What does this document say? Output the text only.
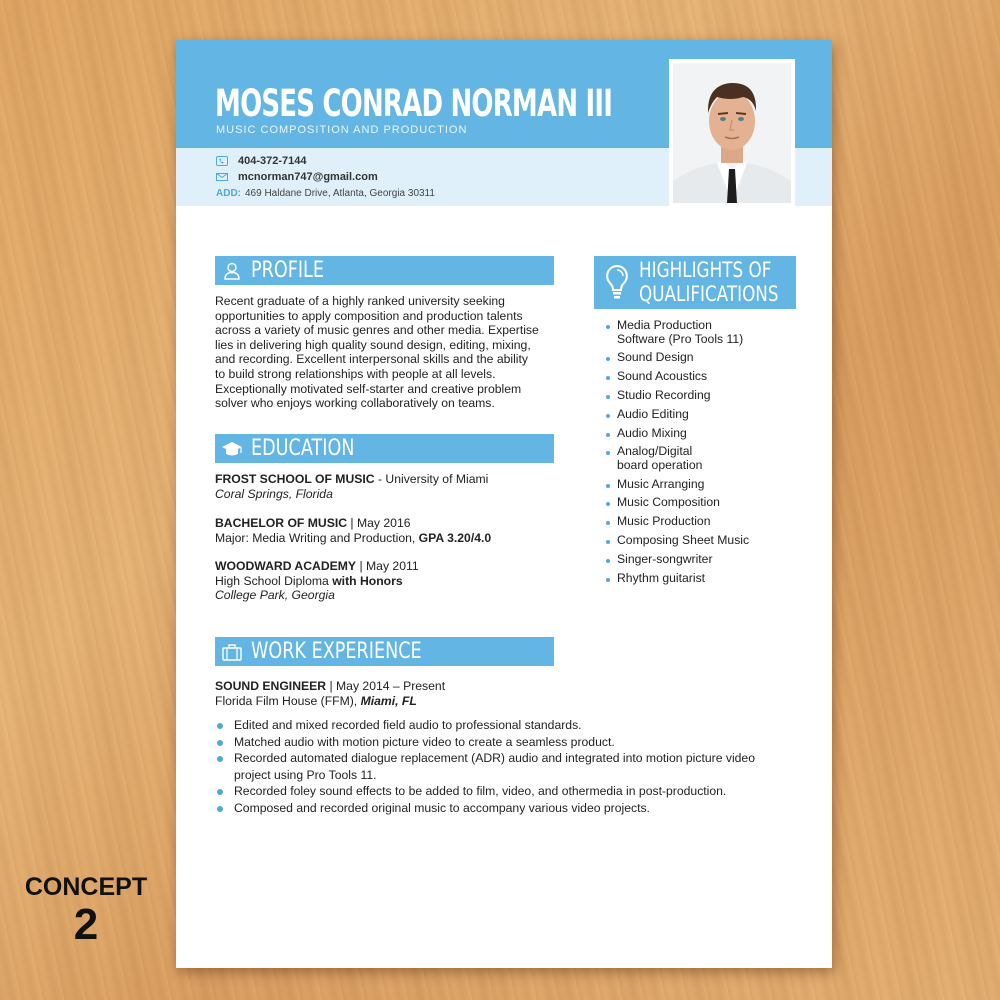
MOSES CONRAD NORMAN III
MUSIC COMPOSITION AND PRODUCTION
404-372-7144
mcnorman747@gmail.com
ADD: 469 Haldane Drive, Atlanta, Georgia 30311
PROFILE
Recent graduate of a highly ranked university seeking
opportunities to apply composition and production talents
across a variety of music genres and other media. Expertise
lies in delivering high quality sound design, editing, mixing,
and recording. Excellent interpersonal skills and the ability
to build strong relationships with people at all levels.
Exceptionally motivated self-starter and creative problem
solver who enjoys working collaboratively on teams.
EDUCATION
FROST SCHOOL OF MUSIC - University of Miami
Coral Springs, Florida
BACHELOR OF MUSIC | May 2016
Major: Media Writing and Production, GPA 3.20/4.0
WOODWARD ACADEMY | May 2011
High School Diploma with Honors
College Park, Georgia
WORK EXPERIENCE
SOUND ENGINEER | May 2014 – Present
Florida Film House (FFM), Miami, FL
Edited and mixed recorded field audio to professional standards.
Matched audio with motion picture video to create a seamless product.
Recorded automated dialogue replacement (ADR) audio and integrated into motion picture video project using Pro Tools 11.
Recorded foley sound effects to be added to film, video, and othermedia in post-production.
Composed and recorded original music to accompany various video projects.
HIGHLIGHTS OF
QUALIFICATIONS
Media Production Software (Pro Tools 11)
Sound Design
Sound Acoustics
Studio Recording
Audio Editing
Audio Mixing
Analog/Digital board operation
Music Arranging
Music Composition
Music Production
Composing Sheet Music
Singer-songwriter
Rhythm guitarist
CONCEPT
2
